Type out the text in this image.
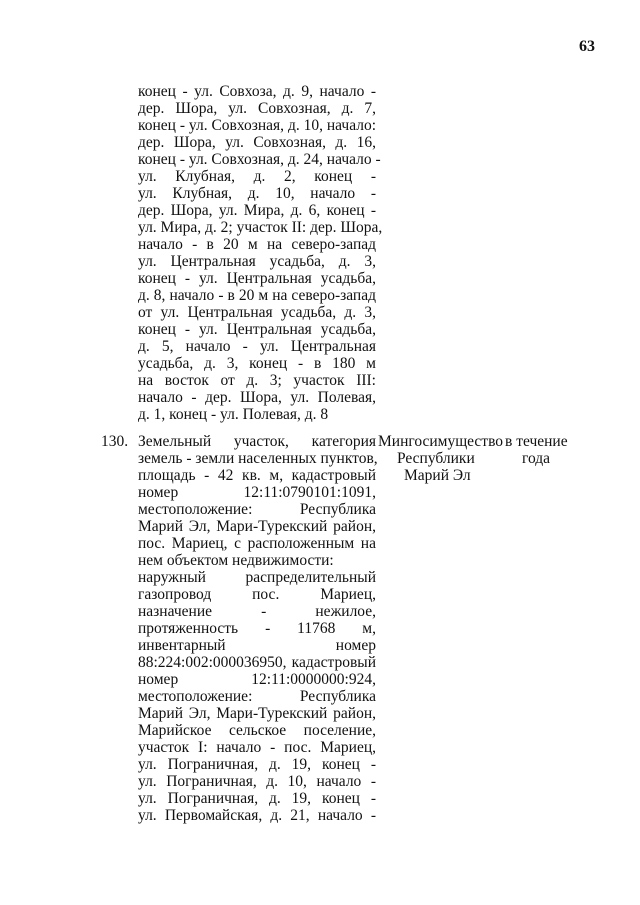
63
конец - ул. Совхоза, д. 9, начало -
дер. Шора, ул. Совхозная, д. 7,
конец - ул. Совхозная, д. 10, начало:
дер. Шора, ул. Совхозная, д. 16,
конец - ул. Совхозная, д. 24, начало -
ул. Клубная, д. 2, конец -
ул. Клубная, д. 10, начало -
дер. Шора, ул. Мира, д. 6, конец -
ул. Мира, д. 2; участок II: дер. Шора,
начало - в 20 м на северо-запад
ул. Центральная усадьба, д. 3,
конец - ул. Центральная усадьба,
д. 8, начало - в 20 м на северо-запад
от ул. Центральная усадьба, д. 3,
конец - ул. Центральная усадьба,
д. 5, начало - ул. Центральная
усадьба, д. 3, конец - в 180 м
на восток от д. 3; участок III:
начало - дер. Шора, ул. Полевая,
д. 1, конец - ул. Полевая, д. 8
130. Земельный участок, категория
земель - земли населенных пунктов,
площадь - 42 кв. м, кадастровый
номер 12:11:0790101:1091,
местоположение: Республика
Марий Эл, Мари-Турекский район,
пос. Мариец, с расположенным на
нем объектом недвижимости:
наружный распределительный
газопровод пос. Мариец,
назначение - нежилое,
протяженность - 11768 м,
инвентарный номер
88:224:002:000036950, кадастровый
номер 12:11:0000000:924,
местоположение: Республика
Марий Эл, Мари-Турекский район,
Марийское сельское поселение,
участок I: начало - пос. Мариец,
ул. Пограничная, д. 19, конец -
ул. Пограничная, д. 10, начало -
ул. Пограничная, д. 19, конец -
ул. Первомайская, д. 21, начало -
Мингосимущество
Республики
Марий Эл
в течение
года
